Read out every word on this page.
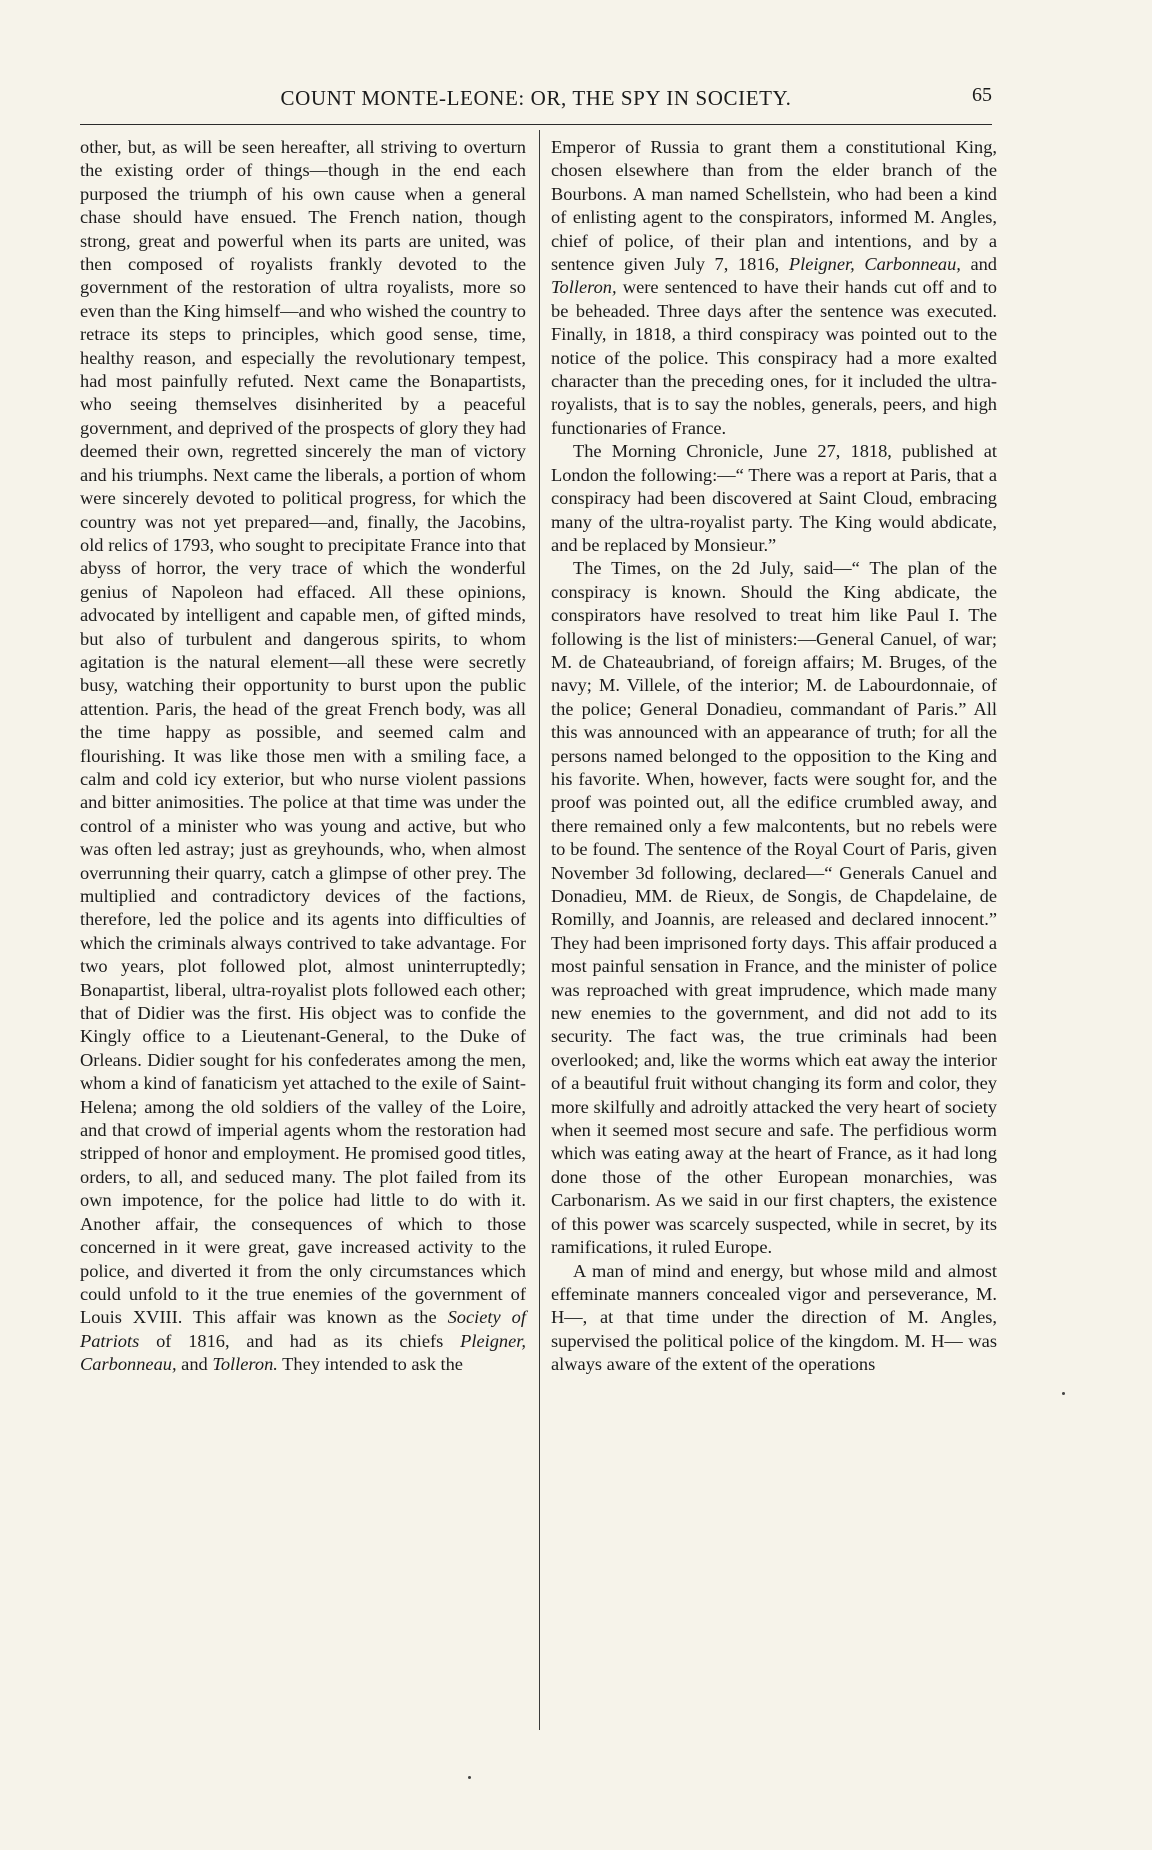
COUNT MONTE-LEONE: OR, THE SPY IN SOCIETY.	65

other, but, as will be seen hereafter, all striving to overturn the existing order of things—though in the end each purposed the triumph of his own cause when a general chase should have ensued. The French nation, though strong, great and powerful when its parts are united, was then composed of royalists frankly devoted to the government of the restoration of ultra royalists, more so even than the King himself—and who wished the country to retrace its steps to principles, which good sense, time, healthy reason, and especially the revolutionary tempest, had most painfully refuted. Next came the Bonapartists, who seeing themselves disinherited by a peaceful government, and deprived of the prospects of glory they had deemed their own, regretted sincerely the man of victory and his triumphs. Next came the liberals, a portion of whom were sincerely devoted to political progress, for which the country was not yet prepared—and, finally, the Jacobins, old relics of 1793, who sought to precipitate France into that abyss of horror, the very trace of which the wonderful genius of Napoleon had effaced. All these opinions, advocated by intelligent and capable men, of gifted minds, but also of turbulent and dangerous spirits, to whom agitation is the natural element—all these were secretly busy, watching their opportunity to burst upon the public attention. Paris, the head of the great French body, was all the time happy as possible, and seemed calm and flourishing. It was like those men with a smiling face, a calm and cold icy exterior, but who nurse violent passions and bitter animosities. The police at that time was under the control of a minister who was young and active, but who was often led astray; just as greyhounds, who, when almost overrunning their quarry, catch a glimpse of other prey. The multiplied and contradictory devices of the factions, therefore, led the police and its agents into difficulties of which the criminals always contrived to take advantage. For two years, plot followed plot, almost uninterruptedly; Bonapartist, liberal, ultra-royalist plots followed each other; that of Didier was the first. His object was to confide the Kingly office to a Lieutenant-General, to the Duke of Orleans. Didier sought for his confederates among the men, whom a kind of fanaticism yet attached to the exile of Saint-Helena; among the old soldiers of the valley of the Loire, and that crowd of imperial agents whom the restoration had stripped of honor and employment. He promised good titles, orders, to all, and seduced many. The plot failed from its own impotence, for the police had little to do with it. Another affair, the consequences of which to those concerned in it were great, gave increased activity to the police, and diverted it from the only circumstances which could unfold to it the true enemies of the government of Louis XVIII. This affair was known as the Society of Patriots of 1816, and had as its chiefs Pleigner, Carbonneau, and Tolleron. They intended to ask the

Emperor of Russia to grant them a constitutional King, chosen elsewhere than from the elder branch of the Bourbons. A man named Schellstein, who had been a kind of enlisting agent to the conspirators, informed M. Angles, chief of police, of their plan and intentions, and by a sentence given July 7, 1816, Pleigner, Carbonneau, and Tolleron, were sentenced to have their hands cut off and to be beheaded. Three days after the sentence was executed. Finally, in 1818, a third conspiracy was pointed out to the notice of the police. This conspiracy had a more exalted character than the preceding ones, for it included the ultra-royalists, that is to say the nobles, generals, peers, and high functionaries of France.

The Morning Chronicle, June 27, 1818, published at London the following:—“ There was a report at Paris, that a conspiracy had been discovered at Saint Cloud, embracing many of the ultra-royalist party. The King would abdicate, and be replaced by Monsieur.”

The Times, on the 2d July, said—“ The plan of the conspiracy is known. Should the King abdicate, the conspirators have resolved to treat him like Paul I. The following is the list of ministers:—General Canuel, of war; M. de Chateaubriand, of foreign affairs; M. Bruges, of the navy; M. Villele, of the interior; M. de Labourdonnaie, of the police; General Donadieu, commandant of Paris.” All this was announced with an appearance of truth; for all the persons named belonged to the opposition to the King and his favorite. When, however, facts were sought for, and the proof was pointed out, all the edifice crumbled away, and there remained only a few malcontents, but no rebels were to be found. The sentence of the Royal Court of Paris, given November 3d following, declared—“ Generals Canuel and Donadieu, MM. de Rieux, de Songis, de Chapdelaine, de Romilly, and Joannis, are released and declared innocent.” They had been imprisoned forty days. This affair produced a most painful sensation in France, and the minister of police was reproached with great imprudence, which made many new enemies to the government, and did not add to its security. The fact was, the true criminals had been overlooked; and, like the worms which eat away the interior of a beautiful fruit without changing its form and color, they more skilfully and adroitly attacked the very heart of society when it seemed most secure and safe. The perfidious worm which was eating away at the heart of France, as it had long done those of the other European monarchies, was Carbonarism. As we said in our first chapters, the existence of this power was scarcely suspected, while in secret, by its ramifications, it ruled Europe.

A man of mind and energy, but whose mild and almost effeminate manners concealed vigor and perseverance, M. H—, at that time under the direction of M. Angles, supervised the political police of the kingdom. M. H— was always aware of the extent of the operations
